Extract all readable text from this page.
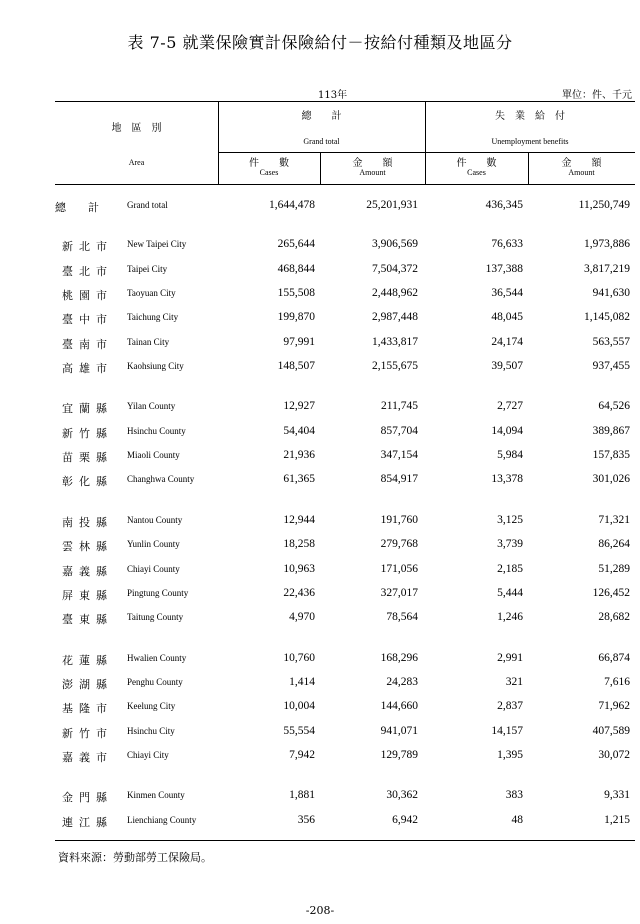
表 7-5 就業保險實計保險給付－按給付種類及地區分
113年	單位：件、千元
地　區　別
Area
總　　計
Grand total
失　業　給　付
Unemployment benefits
件　　數
Cases
金　　額
Amount
件　　數
Cases
金　　額
Amount
總　　計	Grand total	1,644,478	25,201,931	436,345	11,250,749
新北市 New Taipei City	265,644	3,906,569	76,633	1,973,886
臺北市 Taipei City	468,844	7,504,372	137,388	3,817,219
桃園市 Taoyuan City	155,508	2,448,962	36,544	941,630
臺中市 Taichung City	199,870	2,987,448	48,045	1,145,082
臺南市 Tainan City	97,991	1,433,817	24,174	563,557
高雄市 Kaohsiung City	148,507	2,155,675	39,507	937,455
宜蘭縣 Yilan County	12,927	211,745	2,727	64,526
新竹縣 Hsinchu County	54,404	857,704	14,094	389,867
苗栗縣 Miaoli County	21,936	347,154	5,984	157,835
彰化縣 Changhwa County	61,365	854,917	13,378	301,026
南投縣 Nantou County	12,944	191,760	3,125	71,321
雲林縣 Yunlin County	18,258	279,768	3,739	86,264
嘉義縣 Chiayi County	10,963	171,056	2,185	51,289
屏東縣 Pingtung County	22,436	327,017	5,444	126,452
臺東縣 Taitung County	4,970	78,564	1,246	28,682
花蓮縣 Hwalien County	10,760	168,296	2,991	66,874
澎湖縣 Penghu County	1,414	24,283	321	7,616
基隆市 Keelung City	10,004	144,660	2,837	71,962
新竹市 Hsinchu City	55,554	941,071	14,157	407,589
嘉義市 Chiayi City	7,942	129,789	1,395	30,072
金門縣 Kinmen County	1,881	30,362	383	9,331
連江縣 Lienchiang County	356	6,942	48	1,215
資料來源：勞動部勞工保險局。
-208-
